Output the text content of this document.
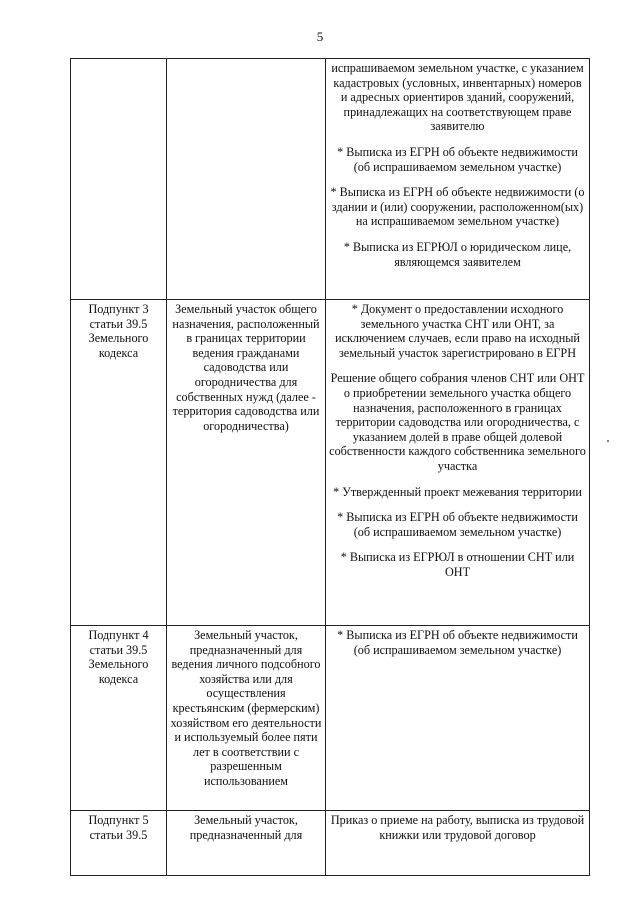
5

		испрашиваемом земельном участке, с указанием кадастровых (условных, инвентарных) номеров и адресных ориентиров зданий, сооружений, принадлежащих на соответствующем праве заявителю
* Выписка из ЕГРН об объекте недвижимости (об испрашиваемом земельном участке)
* Выписка из ЕГРН об объекте недвижимости (о здании и (или) сооружении, расположенном(ых) на испрашиваемом земельном участке)
* Выписка из ЕГРЮЛ о юридическом лице, являющемся заявителем

Подпункт 3 статьи 39.5 Земельного кодекса	Земельный участок общего назначения, расположенный в границах территории ведения гражданами садоводства или огородничества для собственных нужд (далее - территория садоводства или огородничества)	* Документ о предоставлении исходного земельного участка СНТ или ОНТ, за исключением случаев, если право на исходный земельный участок зарегистрировано в ЕГРН
Решение общего собрания членов СНТ или ОНТ о приобретении земельного участка общего назначения, расположенного в границах территории садоводства или огородничества, с указанием долей в праве общей долевой собственности каждого собственника земельного участка
* Утвержденный проект межевания территории
* Выписка из ЕГРН об объекте недвижимости (об испрашиваемом земельном участке)
* Выписка из ЕГРЮЛ в отношении СНТ или ОНТ

Подпункт 4 статьи 39.5 Земельного кодекса	Земельный участок, предназначенный для ведения личного подсобного хозяйства или для осуществления крестьянским (фермерским) хозяйством его деятельности и используемый более пяти лет в соответствии с разрешенным использованием	* Выписка из ЕГРН об объекте недвижимости (об испрашиваемом земельном участке)

Подпункт 5 статьи 39.5	Земельный участок, предназначенный для	Приказ о приеме на работу, выписка из трудовой книжки или трудовой договор
